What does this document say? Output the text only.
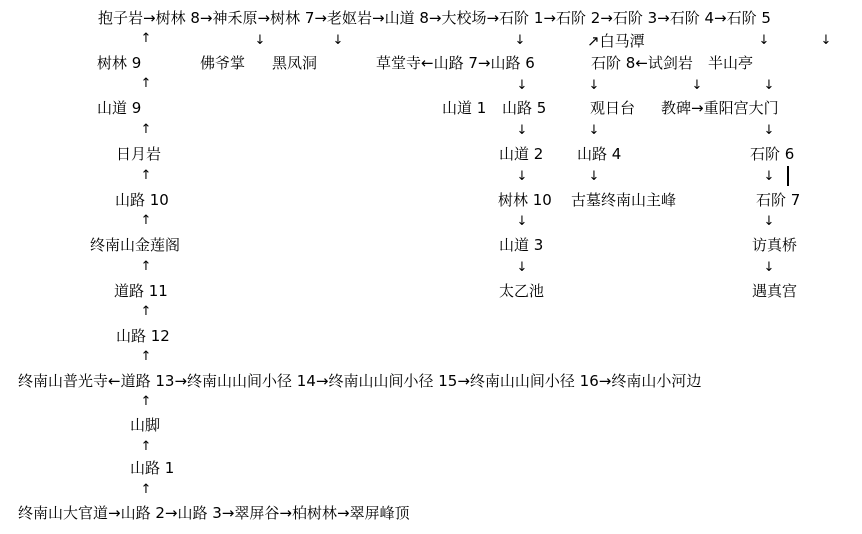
抱子岩→树林 8→神禾原→树林 7→老妪岩→山道 8→大校场→石阶 1→石阶 2→石阶 3→石阶 4→石阶 5
终南山普光寺←道路 13→终南山山间小径 14→终南山山间小径 15→终南山山间小径 16→终南山小河边
终南山大官道→山路 2→山路 3→翠屏谷→柏树林→翠屏峰顶
树林 9
山道 9
日月岩
山路 10
终南山金莲阁
道路 11
山路 12
山脚
山路 1
↑
↑
↑
↑
↑
↑
↑
↑
↑
↑
↑
↓	↓	↓	↓	↓
↓
↓
↓
↓
↓
↓
↓
↓
↓	↓
↓
↓
↓
↓
佛爷掌 黑凤洞	草堂寺←山路 7→山路 6
山道 1 山路 5
山道 2
树林 10
山道 3
太乙池
↗白马潭
石阶 8←试剑岩 半山亭
观日台 教碑→重阳宫大门
山路 4
古墓终南山主峰
石阶 6
石阶 7
访真桥
遇真宫
